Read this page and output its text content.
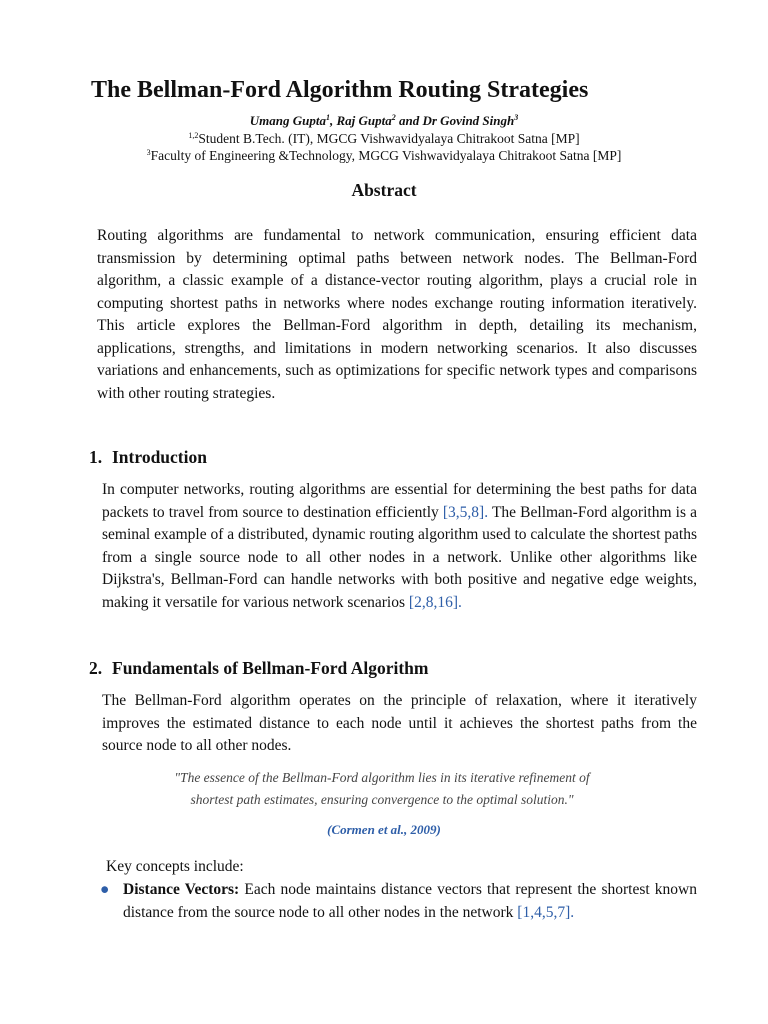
The Bellman-Ford Algorithm Routing Strategies
Umang Gupta$^1$, Raj Gupta$^2$ and Dr Govind Singh$^3$
$^{1,2}$Student B.Tech. (IT), MGCG Vishwavidyalaya Chitrakoot Satna [MP]
$^3$Faculty of Engineering &Technology, MGCG Vishwavidyalaya Chitrakoot Satna [MP]
Abstract
Routing algorithms are fundamental to network communication, ensuring efficient data transmission by determining optimal paths between network nodes. The Bellman-Ford algorithm, a classic example of a distance-vector routing algorithm, plays a crucial role in computing shortest paths in networks where nodes exchange routing information iteratively. This article explores the Bellman-Ford algorithm in depth, detailing its mechanism, applications, strengths, and limitations in modern networking scenarios. It also discusses variations and enhancements, such as optimizations for specific network types and comparisons with other routing strategies.
1. Introduction
In computer networks, routing algorithms are essential for determining the best paths for data packets to travel from source to destination efficiently [3,5,8]. The Bellman-Ford algorithm is a seminal example of a distributed, dynamic routing algorithm used to calculate the shortest paths from a single source node to all other nodes in a network. Unlike other algorithms like Dijkstra's, Bellman-Ford can handle networks with both positive and negative edge weights, making it versatile for various network scenarios [2,8,16].
2. Fundamentals of Bellman-Ford Algorithm
The Bellman-Ford algorithm operates on the principle of relaxation, where it iteratively improves the estimated distance to each node until it achieves the shortest paths from the source node to all other nodes.
"The essence of the Bellman-Ford algorithm lies in its iterative refinement of
shortest path estimates, ensuring convergence to the optimal solution."
(Cormen et al., 2009)
Key concepts include:
● Distance Vectors: Each node maintains distance vectors that represent the shortest known distance from the source node to all other nodes in the network [1,4,5,7].
